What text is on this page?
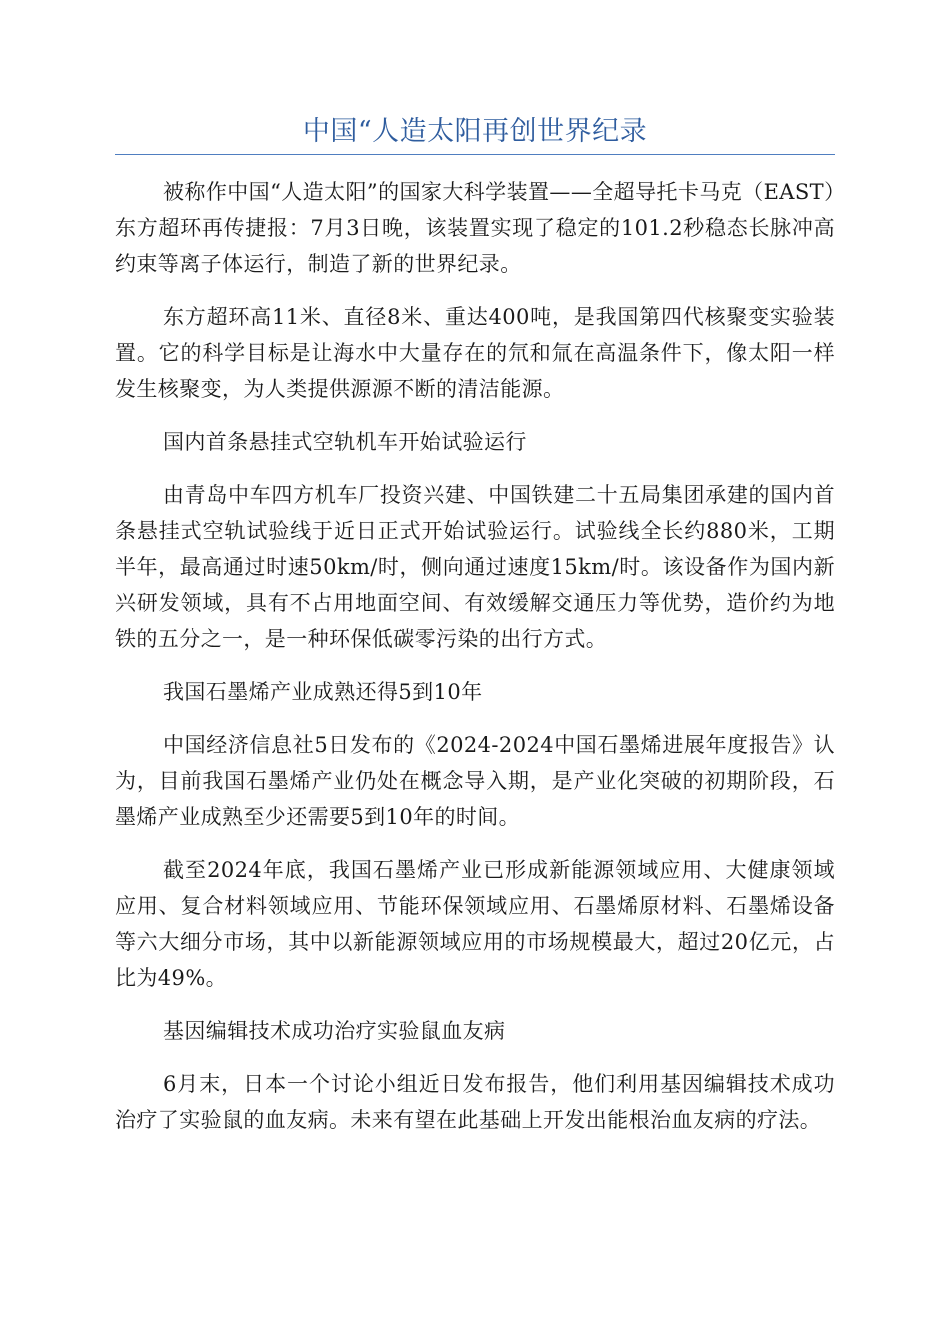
中国“人造太阳再创世界纪录

被称作中国“人造太阳”的国家大科学装置——全超导托卡马克（EAST）东方超环再传捷报：7月3日晚，该装置实现了稳定的101.2秒稳态长脉冲高约束等离子体运行，制造了新的世界纪录。

东方超环高11米、直径8米、重达400吨，是我国第四代核聚变实验装置。它的科学目标是让海水中大量存在的氘和氚在高温条件下，像太阳一样发生核聚变，为人类提供源源不断的清洁能源。

国内首条悬挂式空轨机车开始试验运行

由青岛中车四方机车厂投资兴建、中国铁建二十五局集团承建的国内首条悬挂式空轨试验线于近日正式开始试验运行。试验线全长约880米，工期半年，最高通过时速50km/时，侧向通过速度15km/时。该设备作为国内新兴研发领域，具有不占用地面空间、有效缓解交通压力等优势，造价约为地铁的五分之一，是一种环保低碳零污染的出行方式。

我国石墨烯产业成熟还得5到10年

中国经济信息社5日发布的《2024-2024中国石墨烯进展年度报告》认为，目前我国石墨烯产业仍处在概念导入期，是产业化突破的初期阶段，石墨烯产业成熟至少还需要5到10年的时间。

截至2024年底，我国石墨烯产业已形成新能源领域应用、大健康领域应用、复合材料领域应用、节能环保领域应用、石墨烯原材料、石墨烯设备等六大细分市场，其中以新能源领域应用的市场规模最大，超过20亿元，占比为49%。

基因编辑技术成功治疗实验鼠血友病

6月末，日本一个讨论小组近日发布报告，他们利用基因编辑技术成功治疗了实验鼠的血友病。未来有望在此基础上开发出能根治血友病的疗法。
